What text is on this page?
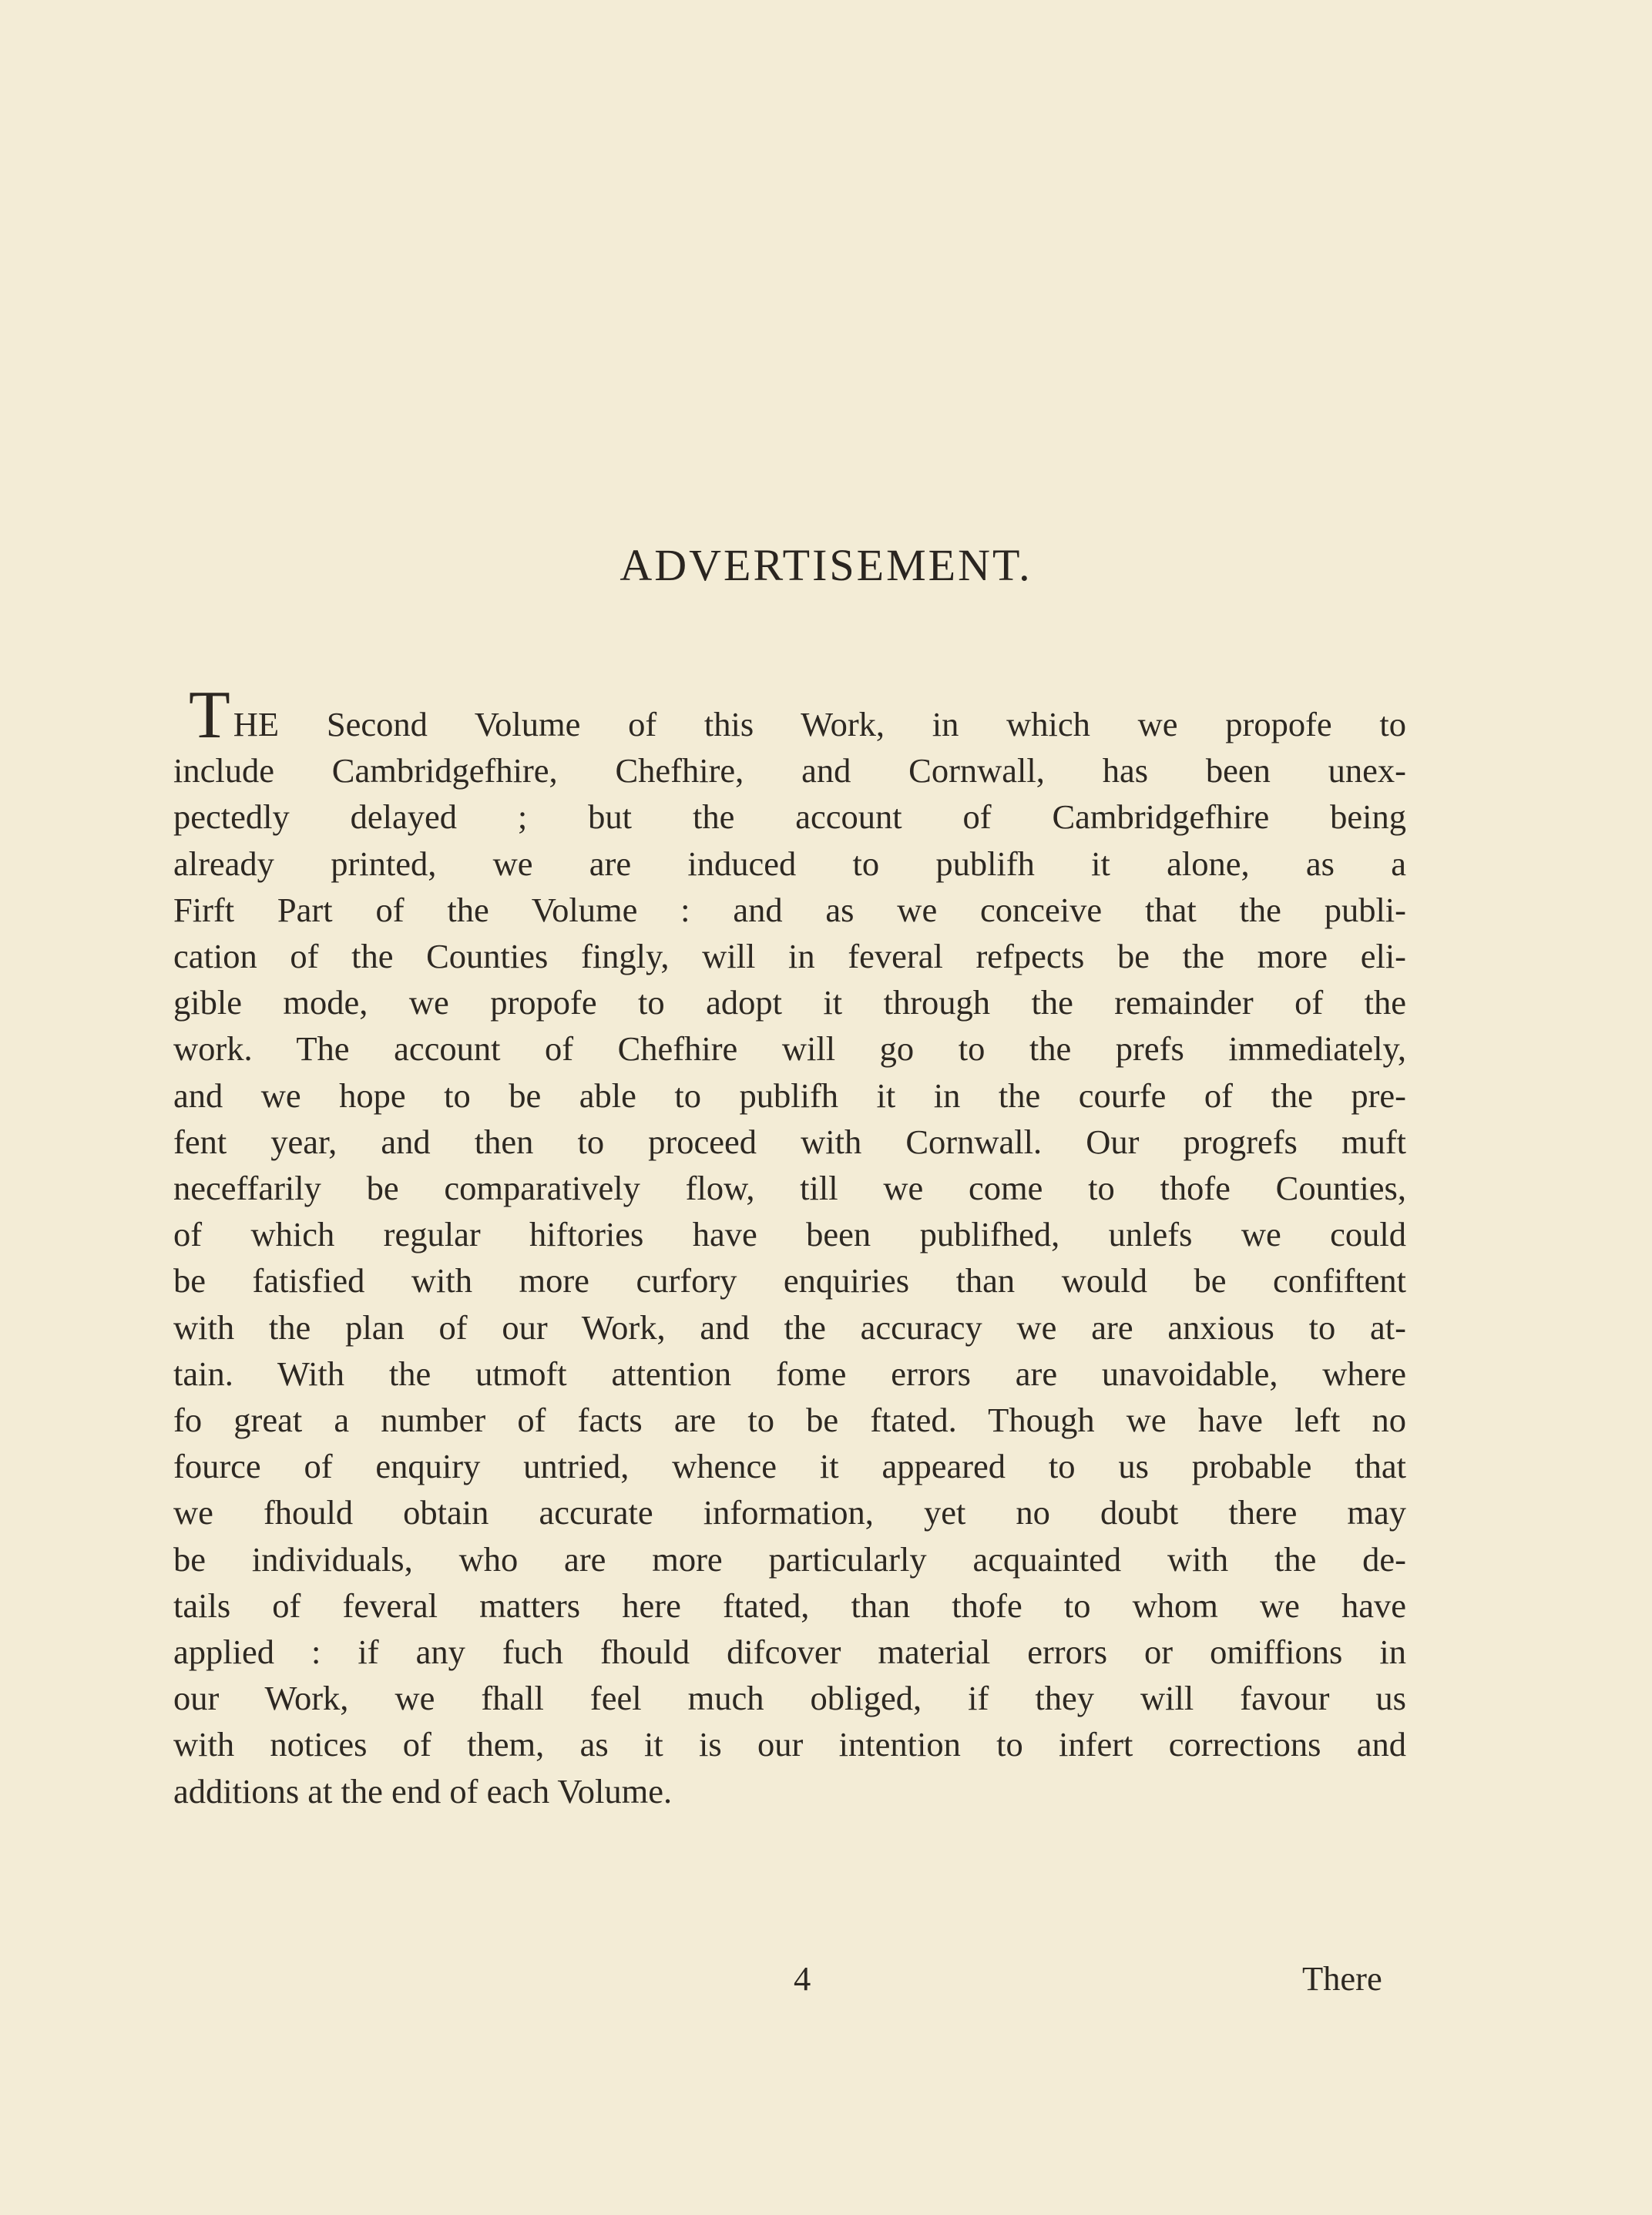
ADVERTISEMENT.
THE Second Volume of this Work, in which we propofe to
include Cambridgefhire, Chefhire, and Cornwall, has been unex-
pectedly delayed ; but the account of Cambridgefhire being
already printed, we are induced to publifh it alone, as a
Firft Part of the Volume : and as we conceive that the publi-
cation of the Counties fingly, will in feveral refpects be the more eli-
gible mode, we propofe to adopt it through the remainder of the
work. The account of Chefhire will go to the prefs immediately,
and we hope to be able to publifh it in the courfe of the pre-
fent year, and then to proceed with Cornwall. Our progrefs muft
neceffarily be comparatively flow, till we come to thofe Counties,
of which regular hiftories have been publifhed, unlefs we could
be fatisfied with more curfory enquiries than would be confiftent
with the plan of our Work, and the accuracy we are anxious to at-
tain. With the utmoft attention fome errors are unavoidable, where
fo great a number of facts are to be ftated. Though we have left no
fource of enquiry untried, whence it appeared to us probable that
we fhould obtain accurate information, yet no doubt there may
be individuals, who are more particularly acquainted with the de-
tails of feveral matters here ftated, than thofe to whom we have
applied : if any fuch fhould difcover material errors or omiffions in
our Work, we fhall feel much obliged, if they will favour us
with notices of them, as it is our intention to infert corrections and
additions at the end of each Volume.
4	There
